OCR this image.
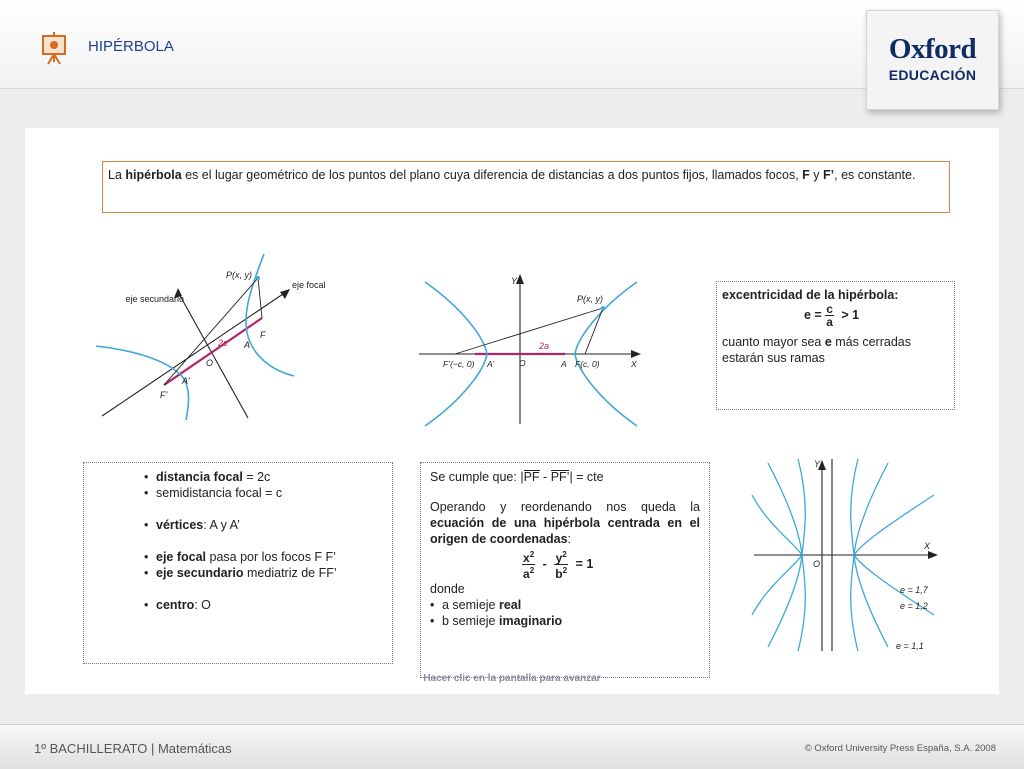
HIPÉRBOLA	Oxford
EDUCACIÓN
La hipérbola es el lugar geométrico de los puntos del plano cuya diferencia de distancias a dos puntos fijos, llamados focos, F y F’, es constante.
eje secundario
eje focal
P(x, y)
2c
F
A
O
A’
F’
Y
P(x, y)
2a
F’(−c, 0) A’	O	A F(c, 0)	X
excentricidad de la hipérbola:
$e = \frac{c}{a} > 1$
cuanto mayor sea e más cerradas estarán sus ramas
• distancia focal = 2c
• semidistancia focal = c
• vértices: A y A’
• eje focal pasa por los focos F F’
• eje secundario mediatriz de FF’
• centro: O
Se cumple que: |PF - PF’| = cte
Operando y reordenando nos queda la ecuación de una hipérbola centrada en el origen de coordenadas:
$\frac{x^2}{a^2} - \frac{y^2}{b^2} = 1$
donde
• a semieje real
• b semieje imaginario
Y
X
O
e = 1,7
e = 1,2
e = 1,1
Hacer clic en la pantalla para avanzar
1º BACHILLERATO | Matemáticas	© Oxford University Press España, S.A. 2008
